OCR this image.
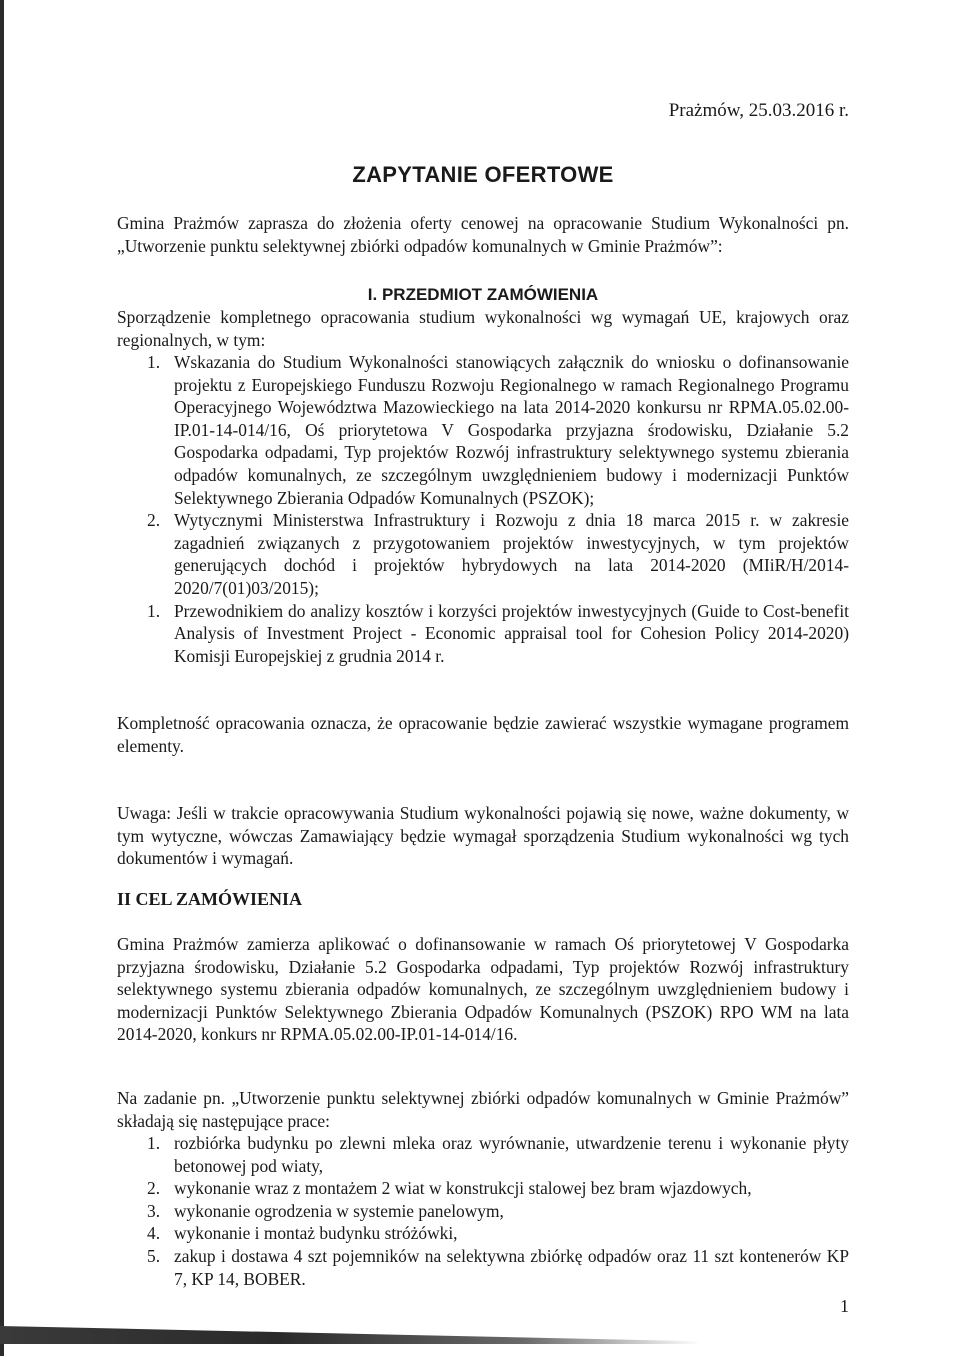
Prażmów, 25.03.2016 r.
ZAPYTANIE OFERTOWE
Gmina Prażmów zaprasza do złożenia oferty cenowej na opracowanie Studium Wykonalności pn. „Utworzenie punktu selektywnej zbiórki odpadów komunalnych w Gminie Prażmów”:
I. PRZEDMIOT ZAMÓWIENIA
Sporządzenie kompletnego opracowania studium wykonalności wg wymagań UE, krajowych oraz regionalnych, w tym:
1. Wskazania do Studium Wykonalności stanowiących załącznik do wniosku o dofinansowanie projektu z Europejskiego Funduszu Rozwoju Regionalnego w ramach Regionalnego Programu Operacyjnego Województwa Mazowieckiego na lata 2014-2020 konkursu nr RPMA.05.02.00-IP.01-14-014/16, Oś priorytetowa V Gospodarka przyjazna środowisku, Działanie 5.2 Gospodarka odpadami, Typ projektów Rozwój infrastruktury selektywnego systemu zbierania odpadów komunalnych, ze szczególnym uwzględnieniem budowy i modernizacji Punktów Selektywnego Zbierania Odpadów Komunalnych (PSZOK);
2. Wytycznymi Ministerstwa Infrastruktury i Rozwoju z dnia 18 marca 2015 r. w zakresie zagadnień związanych z przygotowaniem projektów inwestycyjnych, w tym projektów generujących dochód i projektów hybrydowych na lata 2014-2020 (MIiR/H/2014- 2020/7(01)03/2015);
1. Przewodnikiem do analizy kosztów i korzyści projektów inwestycyjnych (Guide to Cost-benefit Analysis of Investment Project - Economic appraisal tool for Cohesion Policy 2014-2020) Komisji Europejskiej z grudnia 2014 r.
Kompletność opracowania oznacza, że opracowanie będzie zawierać wszystkie wymagane programem elementy.
Uwaga: Jeśli w trakcie opracowywania Studium wykonalności pojawią się nowe, ważne dokumenty, w tym wytyczne, wówczas Zamawiający będzie wymagał sporządzenia Studium wykonalności wg tych dokumentów i wymagań.
II CEL ZAMÓWIENIA
Gmina Prażmów zamierza aplikować o dofinansowanie w ramach Oś priorytetowej V Gospodarka przyjazna środowisku, Działanie 5.2 Gospodarka odpadami, Typ projektów Rozwój infrastruktury selektywnego systemu zbierania odpadów komunalnych, ze szczególnym uwzględnieniem budowy i modernizacji Punktów Selektywnego Zbierania Odpadów Komunalnych (PSZOK) RPO WM na lata 2014-2020, konkurs nr RPMA.05.02.00-IP.01-14-014/16.
Na zadanie pn. „Utworzenie punktu selektywnej zbiórki odpadów komunalnych w Gminie Prażmów” składają się następujące prace:
1. rozbiórka budynku po zlewni mleka oraz wyrównanie, utwardzenie terenu i wykonanie płyty betonowej pod wiaty,
2. wykonanie wraz z montażem 2 wiat w konstrukcji stalowej bez bram wjazdowych,
3. wykonanie ogrodzenia w systemie panelowym,
4. wykonanie i montaż budynku stróżówki,
5. zakup i dostawa 4 szt pojemników na selektywna zbiórkę odpadów oraz 11 szt kontenerów KP 7, KP 14, BOBER.
1
